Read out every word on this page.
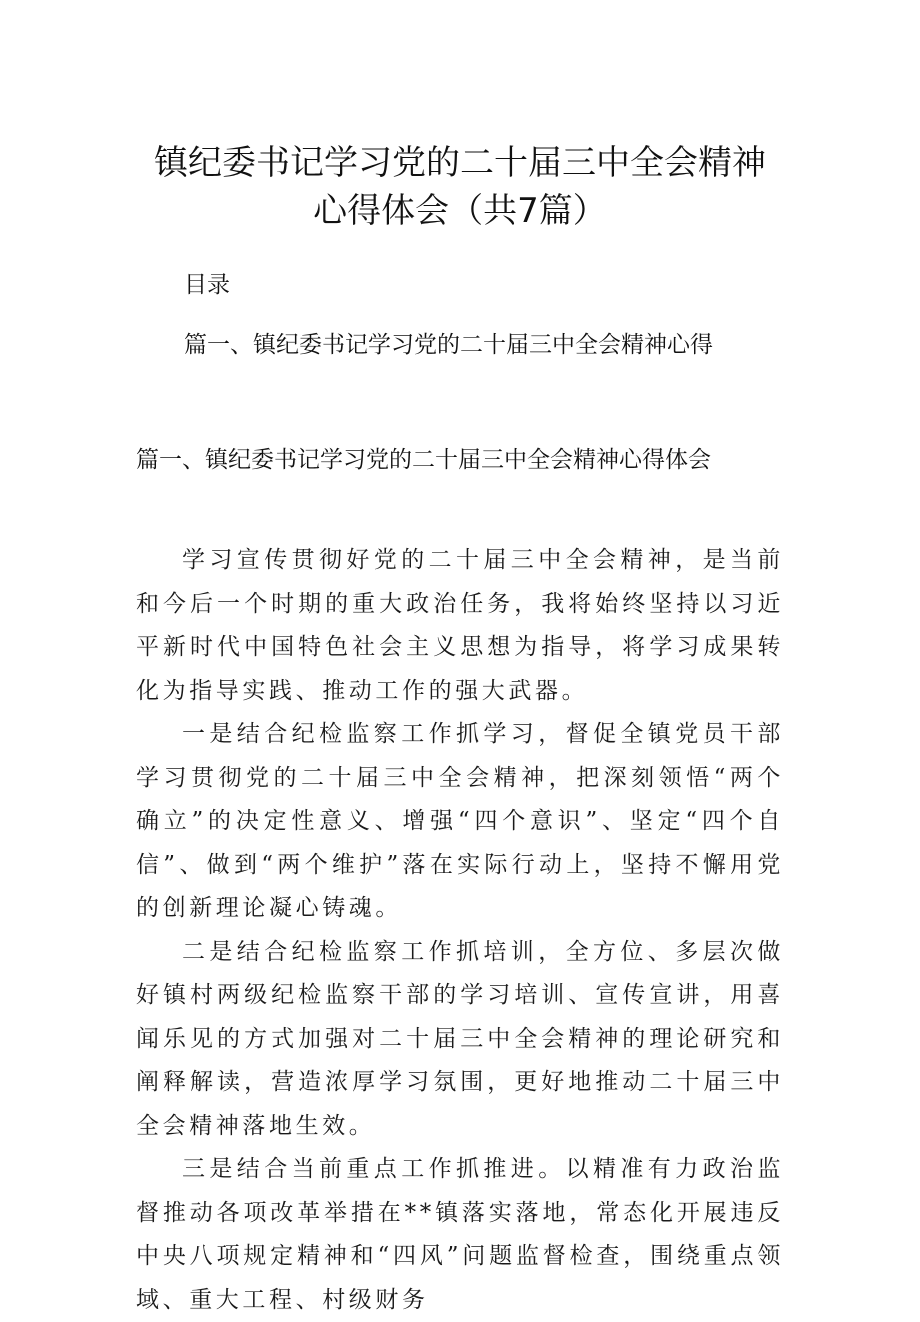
镇纪委书记学习党的二十届三中全会精神
心得体会（共7篇）
目录
篇一、镇纪委书记学习党的二十届三中全会精神心得
篇一、镇纪委书记学习党的二十届三中全会精神心得体会

学习宣传贯彻好党的二十届三中全会精神，是当前和今后一个时期的重大政治任务，我将始终坚持以习近平新时代中国特色社会主义思想为指导，将学习成果转化为指导实践、推动工作的强大武器。

一是结合纪检监察工作抓学习，督促全镇党员干部学习贯彻党的二十届三中全会精神，把深刻领悟“两个确立”的决定性意义、增强“四个意识”、坚定“四个自信”、做到“两个维护”落在实际行动上，坚持不懈用党的创新理论凝心铸魂。

二是结合纪检监察工作抓培训，全方位、多层次做好镇村两级纪检监察干部的学习培训、宣传宣讲，用喜闻乐见的方式加强对二十届三中全会精神的理论研究和阐释解读，营造浓厚学习氛围，更好地推动二十届三中全会精神落地生效。

三是结合当前重点工作抓推进。以精准有力政治监督推动各项改革举措在**镇落实落地，常态化开展违反中央八项规定精神和“四风”问题监督检查，围绕重点领域、重大工程、村级财务
